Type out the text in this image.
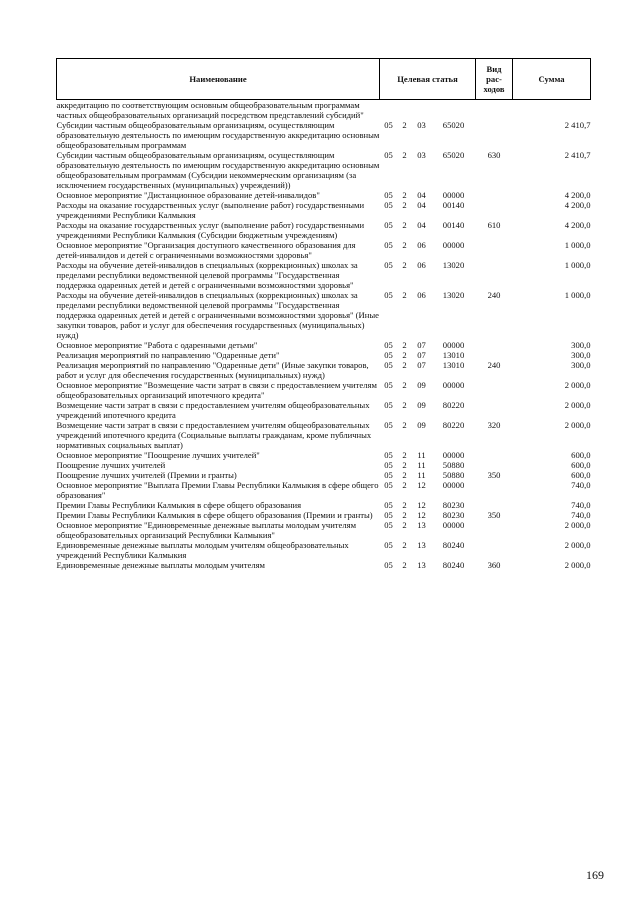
Наименование	Целевая статья				Вид рас-ходов	Сумма
аккредитацию по соответствующим основным общеобразовательным программам частных общеобразовательных организаций посредством представлений субсидий"						
Субсидии частным общеобразовательным организациям, осуществляющим образовательную деятельность по имеющим государственную аккредитацию основным общеобразовательным программам	05	2	03	65020		2 410,7
Субсидии частным общеобразовательным организациям, осуществляющим образовательную деятельность по имеющим государственную аккредитацию основным общеобразовательным программам (Субсидии некоммерческим организациям (за исключением государственных (муниципальных) учреждений))	05	2	03	65020	630	2 410,7
Основное мероприятие "Дистанционное образование детей-инвалидов"	05	2	04	00000		4 200,0
Расходы на оказание государственных услуг (выполнение работ) государственными учреждениями Республики Калмыкия	05	2	04	00140		4 200,0
Расходы на оказание государственных услуг (выполнение работ) государственными учреждениями Республики Калмыкия (Субсидии бюджетным учреждениям)	05	2	04	00140	610	4 200,0
Основное мероприятие "Организация доступного качественного образования для детей-инвалидов и детей с ограниченными возможностями здоровья"	05	2	06	00000		1 000,0
Расходы на обучение детей-инвалидов в специальных (коррекционных) школах за пределами республики ведомственной целевой программы "Государственная поддержка одаренных детей и детей с ограниченными возможностями здоровья"	05	2	06	13020		1 000,0
Расходы на обучение детей-инвалидов в специальных (коррекционных) школах за пределами республики ведомственной целевой программы "Государственная поддержка одаренных детей и детей с ограниченными возможностями здоровья" (Иные закупки товаров, работ и услуг для обеспечения государственных (муниципальных) нужд)	05	2	06	13020	240	1 000,0
Основное мероприятие "Работа с одаренными детьми"	05	2	07	00000		300,0
Реализация мероприятий по направлению "Одаренные дети"	05	2	07	13010		300,0
Реализация мероприятий по направлению "Одаренные дети" (Иные закупки товаров, работ и услуг для обеспечения государственных (муниципальных) нужд)	05	2	07	13010	240	300,0
Основное мероприятие "Возмещение части затрат в связи с предоставлением учителям общеобразовательных организаций ипотечного кредита"	05	2	09	00000		2 000,0
Возмещение части затрат в связи с предоставлением учителям общеобразовательных учреждений ипотечного кредита	05	2	09	80220		2 000,0
Возмещение части затрат в связи с предоставлением учителям общеобразовательных учреждений ипотечного кредита (Социальные выплаты гражданам, кроме публичных нормативных социальных выплат)	05	2	09	80220	320	2 000,0
Основное мероприятие "Поощрение лучших учителей"	05	2	11	00000		600,0
Поощрение лучших учителей	05	2	11	50880		600,0
Поощрение лучших учителей (Премии и гранты)	05	2	11	50880	350	600,0
Основное мероприятие "Выплата Премии Главы Республики Калмыкия в сфере общего образования"	05	2	12	00000		740,0
Премии Главы Республики Калмыкия в сфере общего образования	05	2	12	80230		740,0
Премии Главы Республики Калмыкия в сфере общего образования (Премии и гранты)	05	2	12	80230	350	740,0
Основное мероприятие "Единовременные денежные выплаты молодым учителям общеобразовательных организаций Республики Калмыкия"	05	2	13	00000		2 000,0
Единовременные денежные выплаты молодым учителям общеобразовательных учреждений Республики Калмыкия	05	2	13	80240		2 000,0
Единовременные денежные выплаты молодым учителям	05	2	13	80240	360	2 000,0
169
